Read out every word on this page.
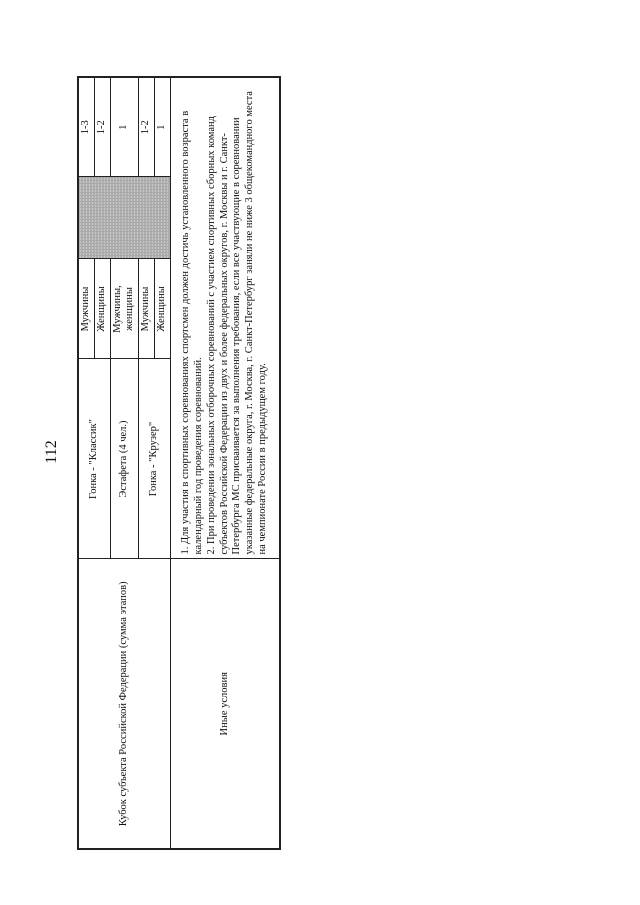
112
Кубок субъекта Российской Федерации (сумма этапов)	Гонка - "Классик"	Мужчины		1-3
		Женщины		1-2
	Эстафета (4 чел.)	Мужчины, женщины		1
	Гонка - "Крузер"	Мужчины		1-2
		Женщины		1
Иные условия	1. Для участия в спортивных соревнованиях спортсмен должен достичь установленного возраста в календарный год проведения соревнований. 2. При проведении зональных отборочных соревнований с участием спортивных сборных команд субъектов Российской Федерации из двух и более федеральных округов, г. Москвы и г. Санкт-Петербурга МС присваивается за выполнения требования, если все участвующие в соревновании указанные федеральные округа, г. Москва, г. Санкт-Петербург заняли не ниже 3 общекомандного места на чемпионате России в предыдущем году.			
